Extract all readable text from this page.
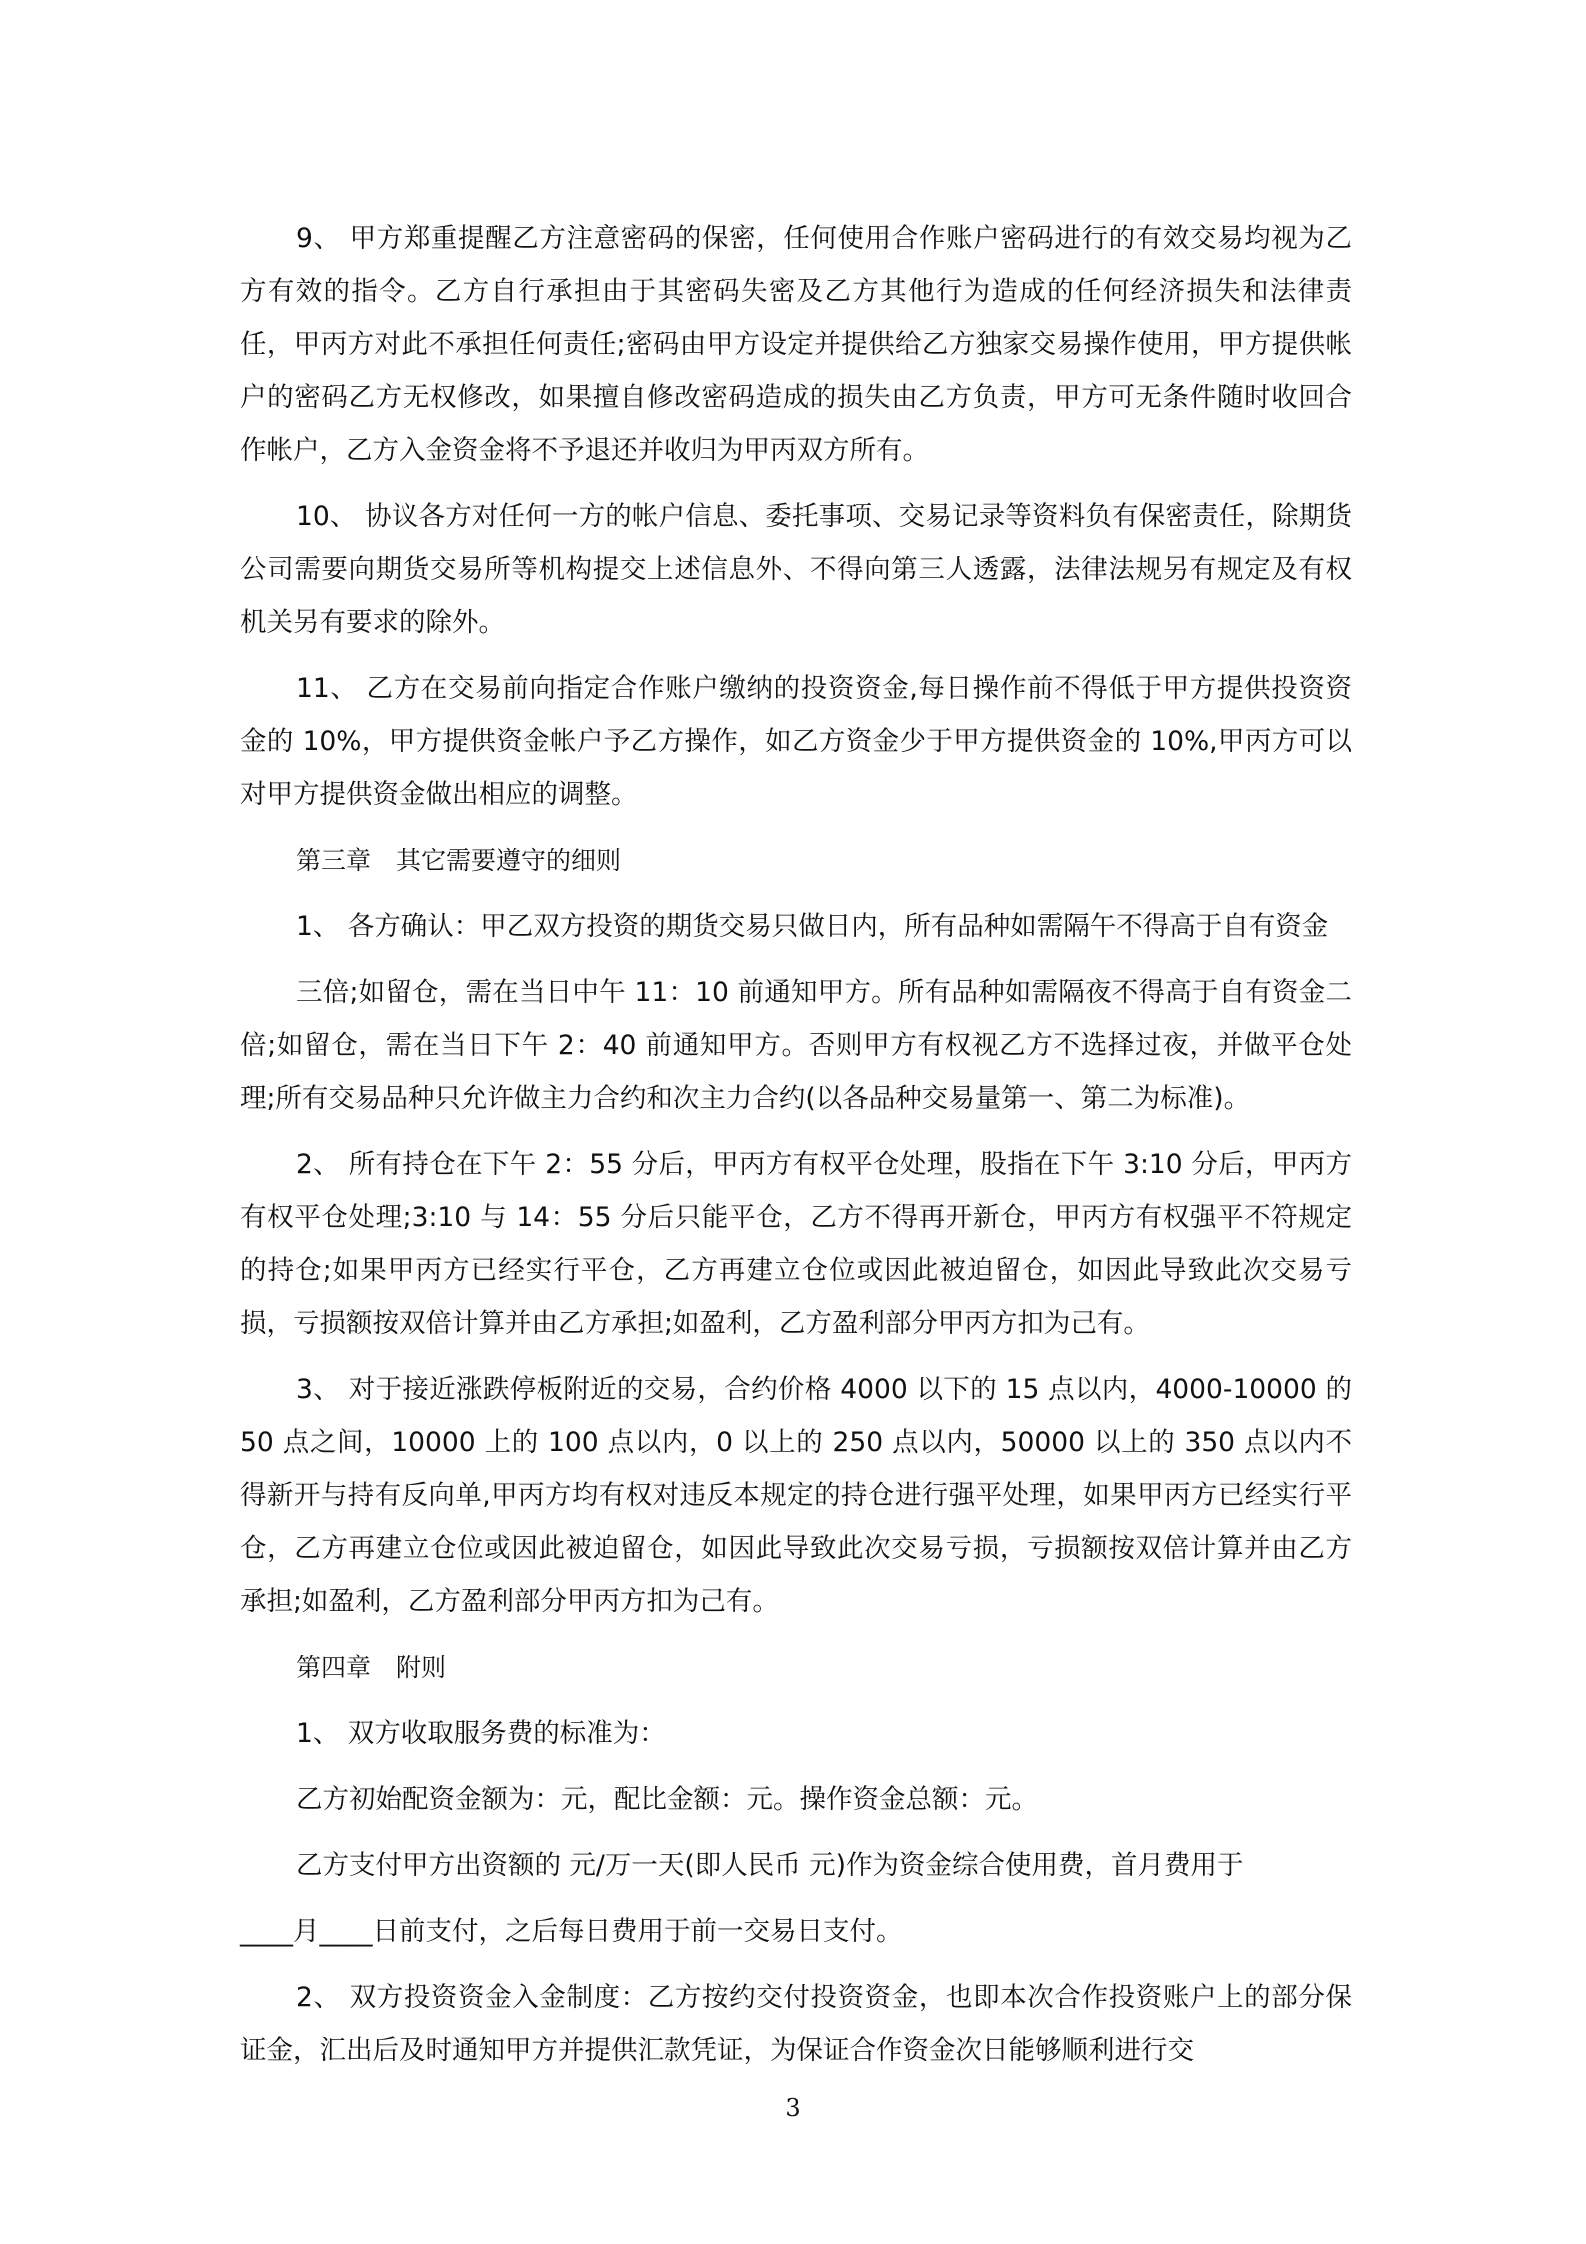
9、 甲方郑重提醒乙方注意密码的保密，任何使用合作账户密码进行的有效交易均视为乙方有效的指令。乙方自行承担由于其密码失密及乙方其他行为造成的任何经济损失和法律责任，甲丙方对此不承担任何责任;密码由甲方设定并提供给乙方独家交易操作使用，甲方提供帐户的密码乙方无权修改，如果擅自修改密码造成的损失由乙方负责，甲方可无条件随时收回合作帐户，乙方入金资金将不予退还并收归为甲丙双方所有。

10、 协议各方对任何一方的帐户信息、委托事项、交易记录等资料负有保密责任，除期货公司需要向期货交易所等机构提交上述信息外、不得向第三人透露，法律法规另有规定及有权机关另有要求的除外。

11、 乙方在交易前向指定合作账户缴纳的投资资金,每日操作前不得低于甲方提供投资资金的 10%，甲方提供资金帐户予乙方操作，如乙方资金少于甲方提供资金的 10%,甲丙方可以对甲方提供资金做出相应的调整。

第三章　其它需要遵守的细则

1、 各方确认：甲乙双方投资的期货交易只做日内，所有品种如需隔午不得高于自有资金

三倍;如留仓，需在当日中午 11：10 前通知甲方。所有品种如需隔夜不得高于自有资金二倍;如留仓，需在当日下午 2：40 前通知甲方。否则甲方有权视乙方不选择过夜，并做平仓处理;所有交易品种只允许做主力合约和次主力合约(以各品种交易量第一、第二为标准)。

2、 所有持仓在下午 2：55 分后，甲丙方有权平仓处理，股指在下午 3:10 分后，甲丙方有权平仓处理;3:10 与 14：55 分后只能平仓，乙方不得再开新仓，甲丙方有权强平不符规定的持仓;如果甲丙方已经实行平仓，乙方再建立仓位或因此被迫留仓，如因此导致此次交易亏损，亏损额按双倍计算并由乙方承担;如盈利，乙方盈利部分甲丙方扣为己有。

3、 对于接近涨跌停板附近的交易，合约价格 4000 以下的 15 点以内，4000-10000 的 50 点之间，10000 上的 100 点以内，0 以上的 250 点以内，50000 以上的 350 点以内不得新开与持有反向单,甲丙方均有权对违反本规定的持仓进行强平处理，如果甲丙方已经实行平仓，乙方再建立仓位或因此被迫留仓，如因此导致此次交易亏损，亏损额按双倍计算并由乙方承担;如盈利，乙方盈利部分甲丙方扣为己有。

第四章　附则

1、 双方收取服务费的标准为：

乙方初始配资金额为：元，配比金额：元。操作资金总额：元。

乙方支付甲方出资额的 元/万一天(即人民币 元)作为资金综合使用费，首月费用于

____月____日前支付，之后每日费用于前一交易日支付。

2、 双方投资资金入金制度：乙方按约交付投资资金，也即本次合作投资账户上的部分保证金，汇出后及时通知甲方并提供汇款凭证，为保证合作资金次日能够顺利进行交

3
